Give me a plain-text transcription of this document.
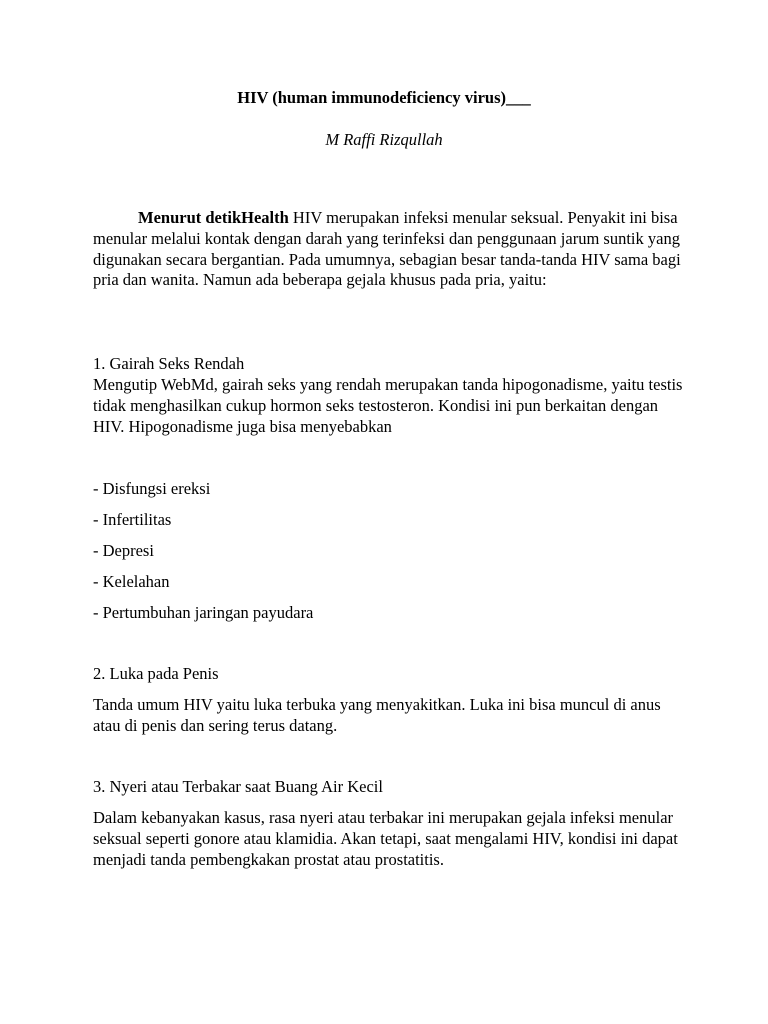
HIV (human immunodeficiency virus)___
M Raffi Rizqullah

Menurut detikHealth HIV merupakan infeksi menular seksual. Penyakit ini bisa menular melalui kontak dengan darah yang terinfeksi dan penggunaan jarum suntik yang digunakan secara bergantian. Pada umumnya, sebagian besar tanda-tanda HIV sama bagi pria dan wanita. Namun ada beberapa gejala khusus pada pria, yaitu:

1. Gairah Seks Rendah

Mengutip WebMd, gairah seks yang rendah merupakan tanda hipogonadisme, yaitu testis tidak menghasilkan cukup hormon seks testosteron. Kondisi ini pun berkaitan dengan HIV. Hipogonadisme juga bisa menyebabkan

- Disfungsi ereksi
- Infertilitas
- Depresi
- Kelelahan
- Pertumbuhan jaringan payudara
2. Luka pada Penis

Tanda umum HIV yaitu luka terbuka yang menyakitkan. Luka ini bisa muncul di anus atau di penis dan sering terus datang.

3. Nyeri atau Terbakar saat Buang Air Kecil

Dalam kebanyakan kasus, rasa nyeri atau terbakar ini merupakan gejala infeksi menular seksual seperti gonore atau klamidia. Akan tetapi, saat mengalami HIV, kondisi ini dapat menjadi tanda pembengkakan prostat atau prostatitis.
